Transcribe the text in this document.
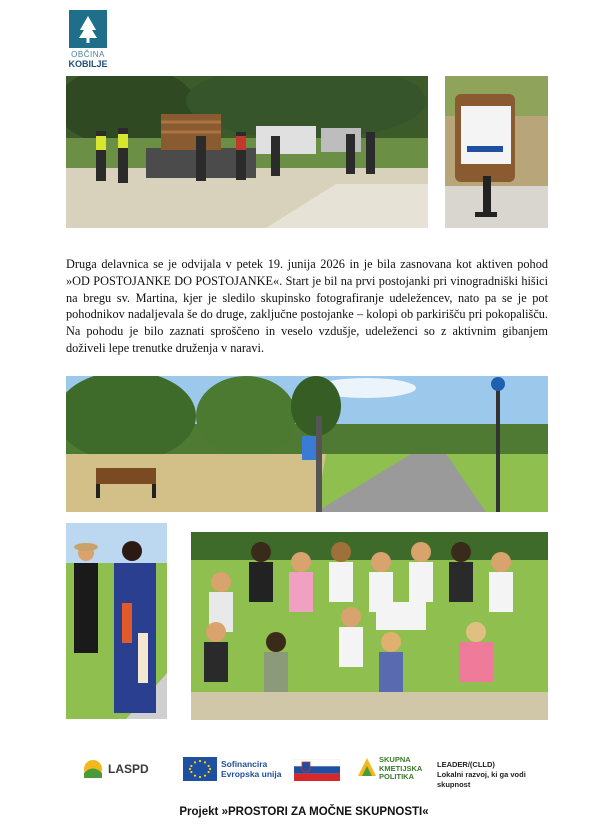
OBČINA
KOBILJE

Druga delavnica se je odvijala v petek 19. junija 2026 in je bila zasnovana kot aktiven pohod »OD POSTOJANKE DO POSTOJANKE«. Start je bil na prvi postojanki pri vinogradniški hišici na bregu sv. Martina, kjer je sledilo skupinsko fotografiranje udeležencev, nato pa se je pot pohodnikov nadaljevala še do druge, zaključne postojanke – kolopi ob parkirišču pri pokopališču. Na pohodu je bilo zaznati sproščeno in veselo vzdušje, udeleženci so z aktivnim gibanjem doživeli lepe trenutke druženja v naravi.

LASPD	Sofinancira
Evropska unija
SKUPNA
KMETIJSKA
POLITIKA
LEADER/(CLLD)
Lokalni razvoj, ki ga vodi skupnost
Projekt »PROSTORI ZA MOČNE SKUPNOSTI«
